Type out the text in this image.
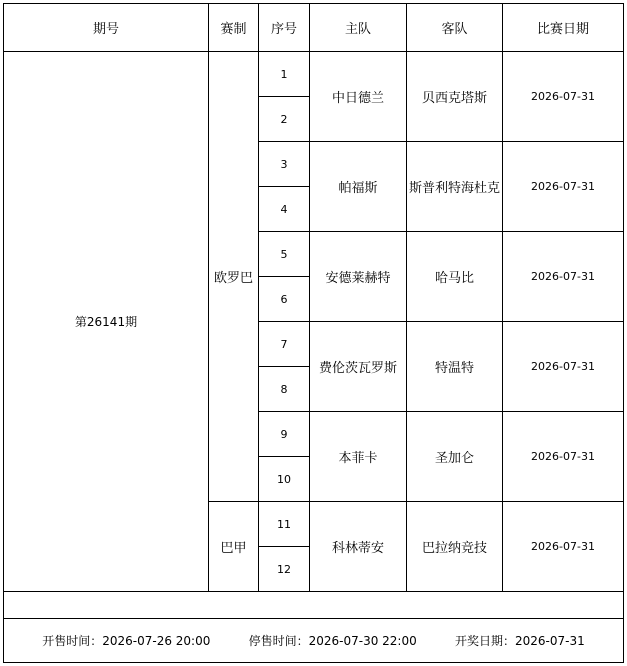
期号	赛制	序号	主队	客队	比赛日期
第26141期	欧罗巴	1	中日德兰	贝西克塔斯	2026-07-31
		2			
		3	帕福斯	斯普利特海杜克	2026-07-31
		4			
		5	安德莱赫特	哈马比	2026-07-31
		6			
		7	费伦茨瓦罗斯	特温特	2026-07-31
		8			
		9	本菲卡	圣加仑	2026-07-31
		10			
	巴甲	11	科林蒂安	巴拉纳竞技	2026-07-31
		12			

开售时间：2026-07-26 20:00 停售时间：2026-07-30 22:00 开奖日期：2026-07-31					
